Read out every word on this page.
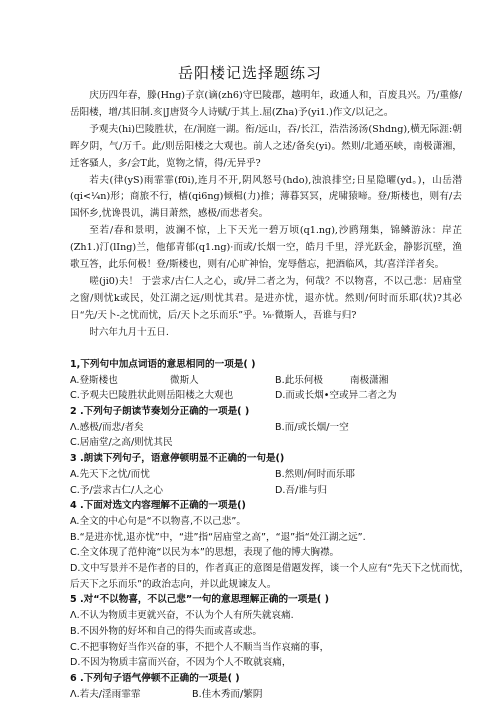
岳阳楼记选择题练习

庆历四年春，滕(Hng)子京(谪(zh6)守巴陵郡，越明年，政通人和，百废具兴。乃/重修/岳阳楼，增/其旧制.亥|J唐贤今人诗赋/于其上.屈(Zha)予(yi1.)作文/以记之。

予观夫(hi)巴陵胜状，在/洞庭一湖。衔/远山，吞/长江，浩浩汤汤(Shdng),横无际涯:朝晖夕阴，气/万千。此/则岳阳楼之大观也。前人之述/备矣(yi)。然则/北通巫峡，南极潇湘，迁客骚人，多/会T此，览物之情，得/无异乎?

若夫(律(yS)雨霏霏(f0i),连月不开,阴风怒号(hdo),浊浪排空;日星隐曜(yd。)，山岳潜(qi<¼n)形；商旅不行，樯(qi6ng)倾楫(力)推；薄暮冥冥，虎啸猿啼。登/斯楼也，则有/去国怀乡,忧谗畏讥，满目萧然，感极/而悲者矣。

至若/春和景明，波澜不惊，上下天光一碧万顷(q1.ng),沙鸥翔集，锦鳞游泳：岸芷(Zh1.)汀(lIng)兰，他郁青郁(q1.ng)·而或/长烟一空，皓月千里，浮光跃金，静影沉壁，渔歌互答，此乐何极！登/斯楼也，则有/心旷神怡，宠辱偕忘，把酒临风，其/喜洋洋者矣。

嗟(ji0)夫！ 于尝求/古仁人之心，或/异二者之为，何哉？不以物喜，不以己悲：居庙堂之窗/则忧k或民，处江湖之远/则忧其君。是进亦忧，退亦忧。然则/何时而乐耶(状)?其必日“先/天卜-之忧而忧，后/天卜之乐而乐”乎。⅛·微斯人，吾谁与归?

时六年九月十五日.

1,下列句中加点词语的意思相同的一项是( )
A.登斯楼也	微斯人	B.此乐何极	南极潇湘
C.予观夫巴陵胜状此则岳阳楼之大观也	D.而或长烟•空或异二者之为
2 .下列句子朗读节奏划分正确的一项是( )
Λ.感极/而悲/者矣	B.而/或长烟/一空
C.居庙堂/之高/则忧其民
3 .朗读下列句子，语意停顿明显不正确的一句是()
A.先天下之忧/而忧	B.然则/何时而乐耶
C.予/尝求古仁/人之心	D.吾/谁与归
4 .下面对选文内容理解不正确的一项是()
A.全文的中心句是“不以物喜,不以己悲”。
B.“是进亦忧,退亦忧”中，“进”指“居庙堂之高”，“退”指“处江湖之远”.
C.全文体现了范仲淹“以民为本”的思想，表现了他的博大胸襟。
D.文中写景并不是作者的目的，作者真正的意图是借题发挥，谈一个人应有“先天下之忧而忧，后天下之乐而乐”的政治志向，并以此规谏友人。
5 .对“不以物喜，不以己悲”一句的意思理解正确的一项是( )
Λ.不认为物质丰更就兴奋，不认为个人有所失就哀痛.
B.不因外物的好坏和自己的得失而或喜或悲。
C.不把事物好当作兴奋的事，不把个人不顺当当作哀痛的事，
D.不因为物质丰富而兴奋，不因为个人不畋就哀痛，
6 .下列句子语气停顿不正确的一项是( )
Λ.若夫/淫雨霏霏	B.佳木秀而/繁阴
